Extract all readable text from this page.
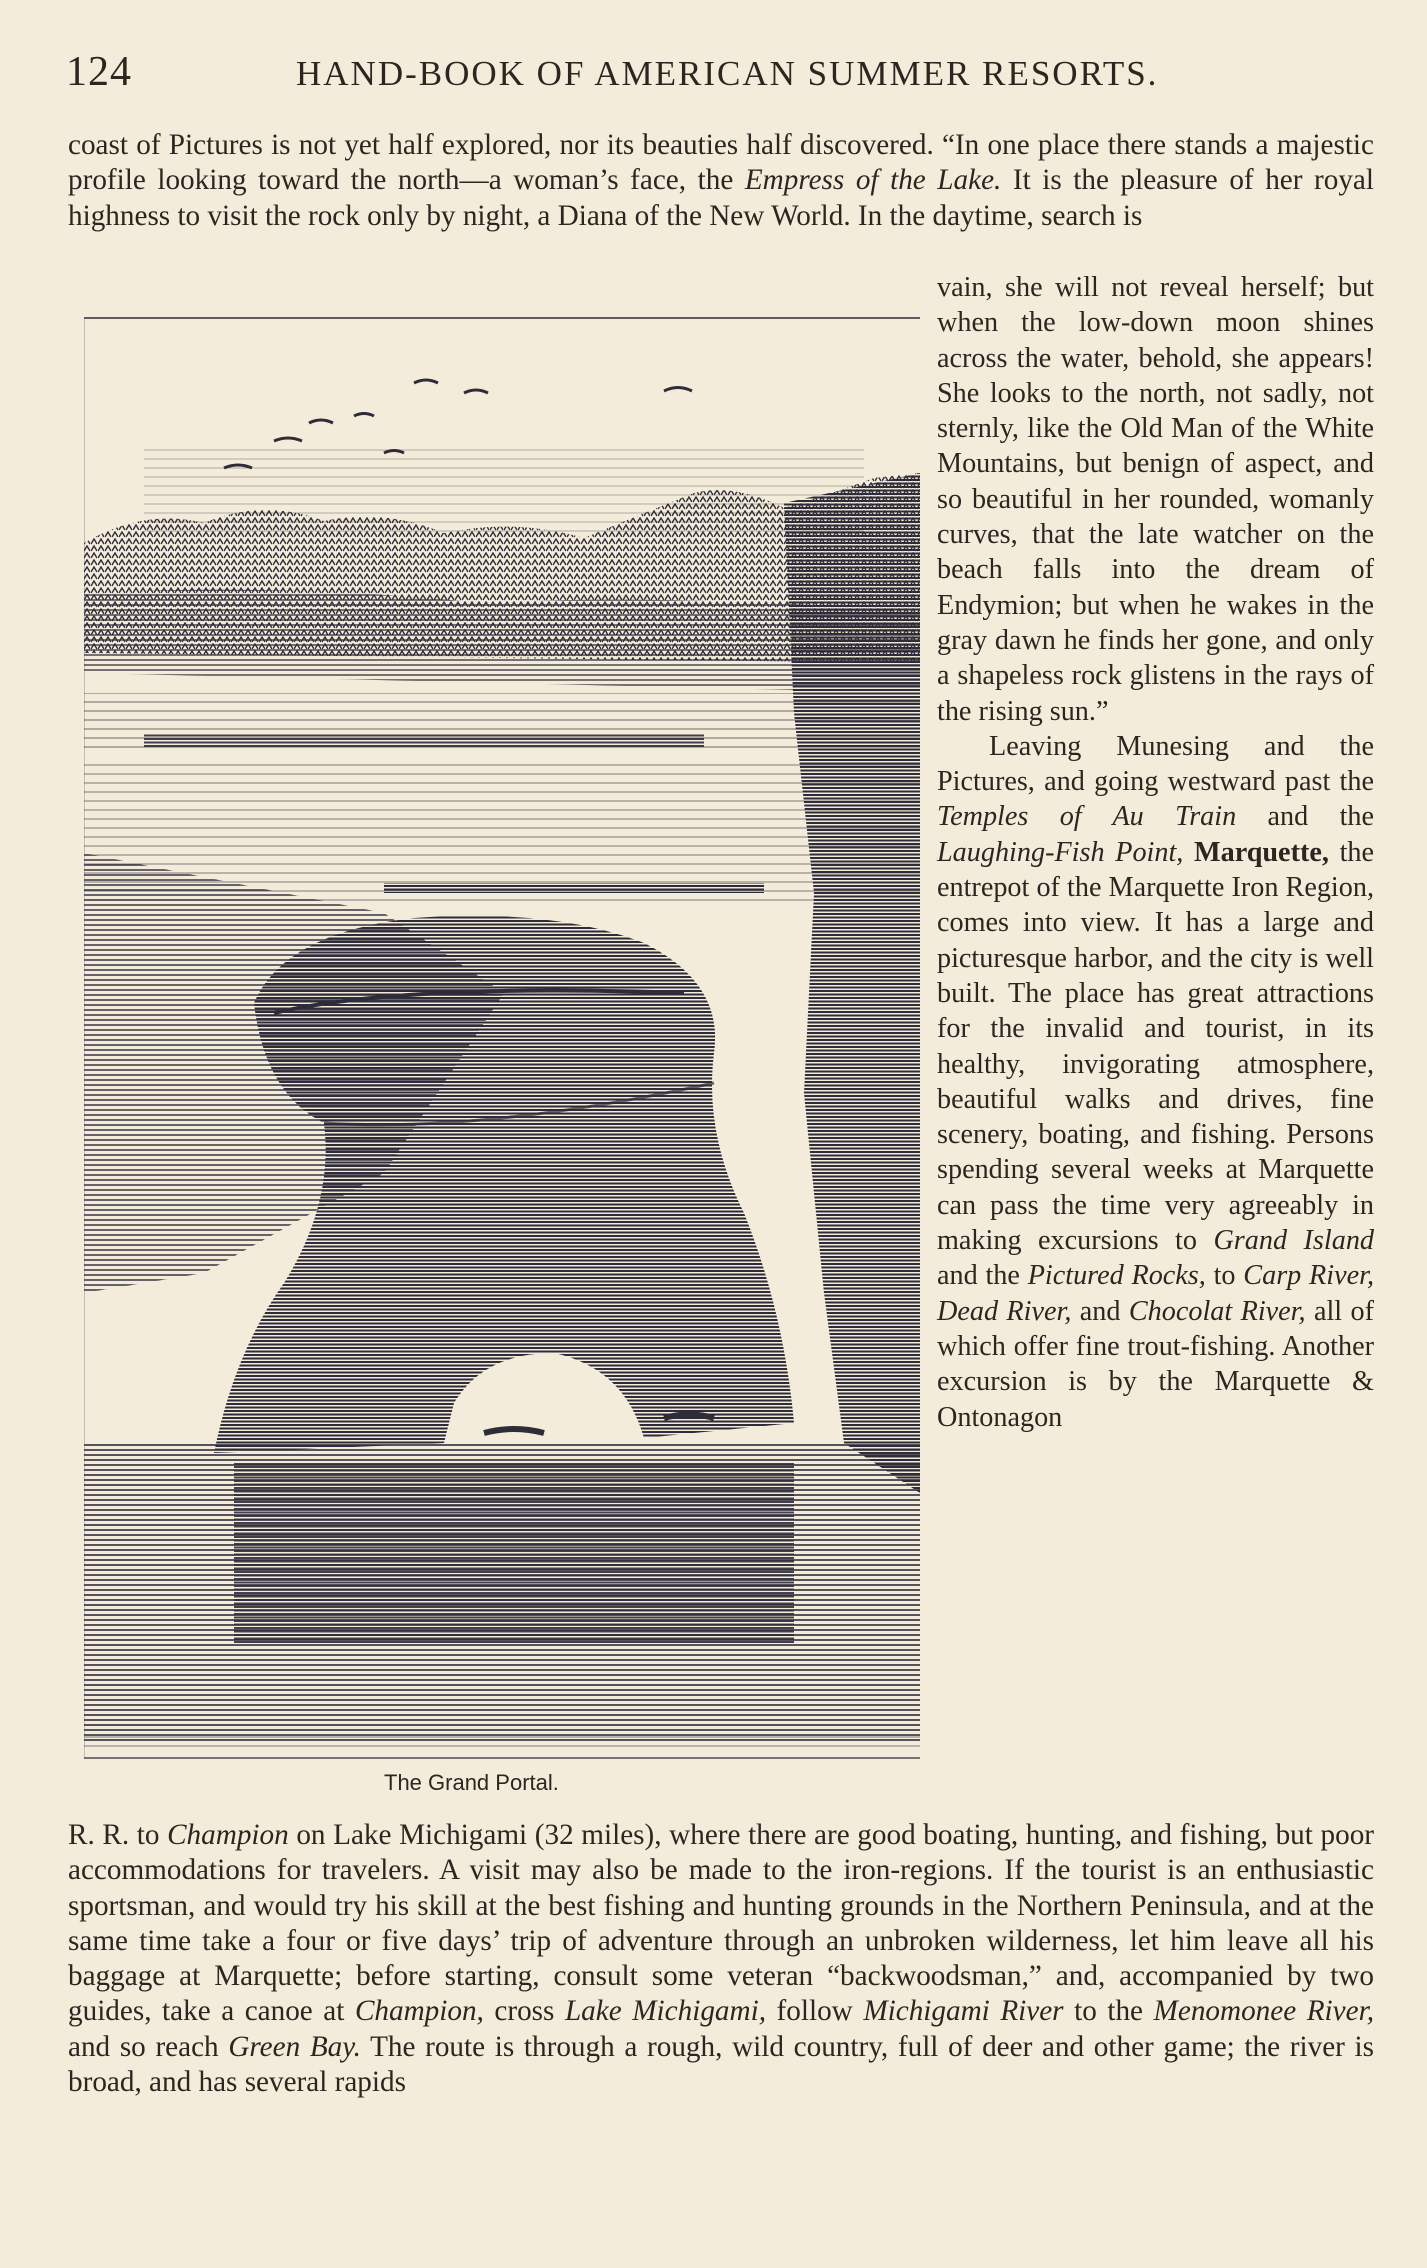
124	HAND-BOOK OF AMERICAN SUMMER RESORTS.

coast of Pictures is not yet half explored, nor its beauties half discovered. “In one place there stands a majestic profile looking toward the north—a woman’s face, the Empress of the Lake. It is the pleasure of her royal highness to visit the rock only by night, a Diana of the New World. In the daytime, search is

The Grand Portal.

vain, she will not reveal herself; but when the low-down moon shines across the water, behold, she appears! She looks to the north, not sadly, not sternly, like the Old Man of the White Mountains, but benign of aspect, and so beautiful in her rounded, womanly curves, that the late watcher on the beach falls into the dream of Endymion; but when he wakes in the gray dawn he finds her gone, and only a shapeless rock glistens in the rays of the rising sun.”

Leaving Munesing and the Pictures, and going westward past the Temples of Au Train and the Laughing-Fish Point, Marquette, the entrepot of the Marquette Iron Region, comes into view. It has a large and picturesque harbor, and the city is well built. The place has great attractions for the invalid and tourist, in its healthy, invigorating atmosphere, beautiful walks and drives, fine scenery, boating, and fishing. Persons spending several weeks at Marquette can pass the time very agreeably in making excursions to Grand Island and the Pictured Rocks, to Carp River, Dead River, and Chocolat River, all of which offer fine trout-fishing. Another excursion is by the Marquette & Ontonagon

R. R. to Champion on Lake Michigami (32 miles), where there are good boating, hunting, and fishing, but poor accommodations for travelers. A visit may also be made to the iron-regions. If the tourist is an enthusiastic sportsman, and would try his skill at the best fishing and hunting grounds in the Northern Peninsula, and at the same time take a four or five days’ trip of adventure through an unbroken wilderness, let him leave all his baggage at Marquette; before starting, consult some veteran “backwoodsman,” and, accompanied by two guides, take a canoe at Champion, cross Lake Michigami, follow Michigami River to the Menomonee River, and so reach Green Bay. The route is through a rough, wild country, full of deer and other game; the river is broad, and has several rapids
